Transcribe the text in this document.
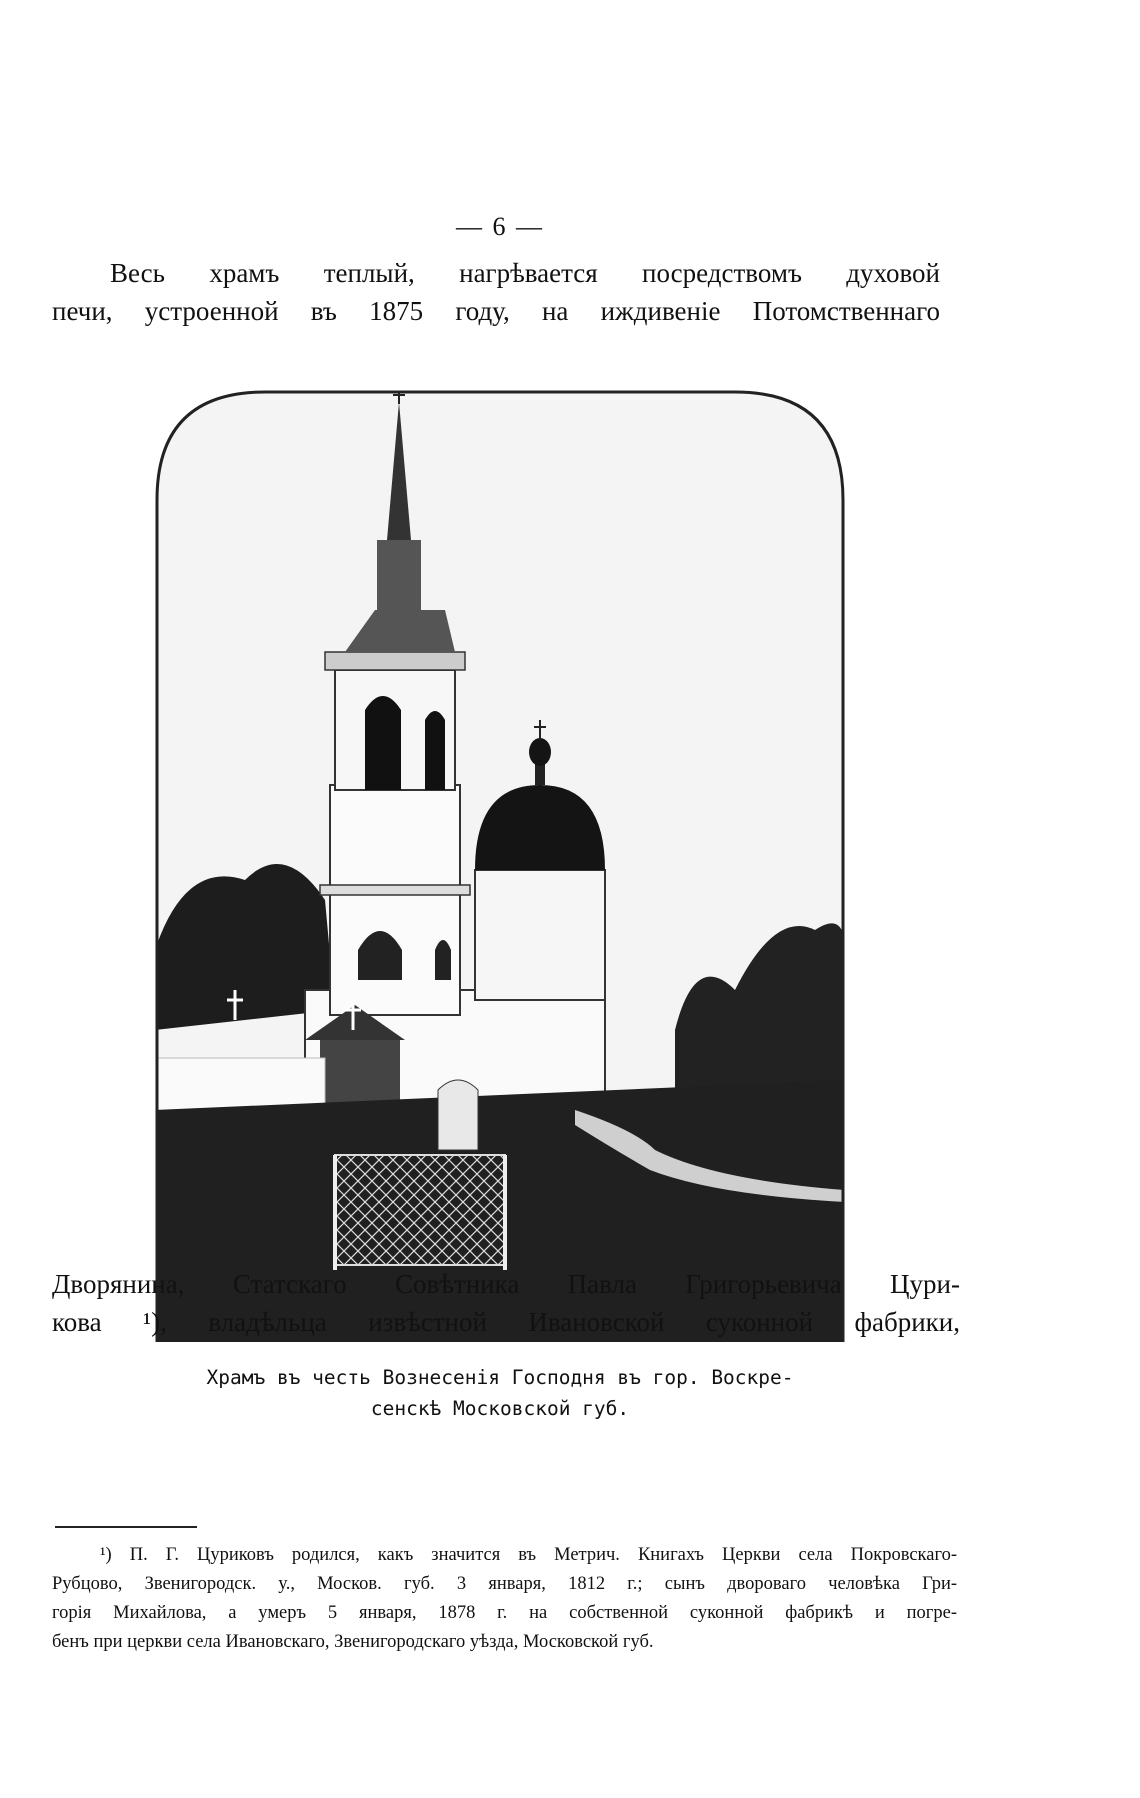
— 6 —
Весь храмъ теплый, нагрѣвается посредствомъ духовой
печи, устроенной въ 1875 году, на иждивеніе Потомственнаго
Храмъ въ честь Вознесенія Господня въ гор. Воскре-
сенскѣ Московской губ.
Дворянина, Статскаго Совѣтника Павла Григорьевича Цури-
кова ¹), владѣльца извѣстной Ивановской суконной фабрики,
¹) П. Г. Цуриковъ родился, какъ значится въ Метрич. Книгахъ Церкви села Покровскаго-
Рубцово, Звенигородск. у., Москов. губ. 3 января, 1812 г.; сынъ двороваго человѣка Гри-
горія Михайлова, а умеръ 5 января, 1878 г. на собственной суконной фабрикѣ и погре-
бенъ при церкви села Ивановскаго, Звенигородскаго уѣзда, Московской губ.
